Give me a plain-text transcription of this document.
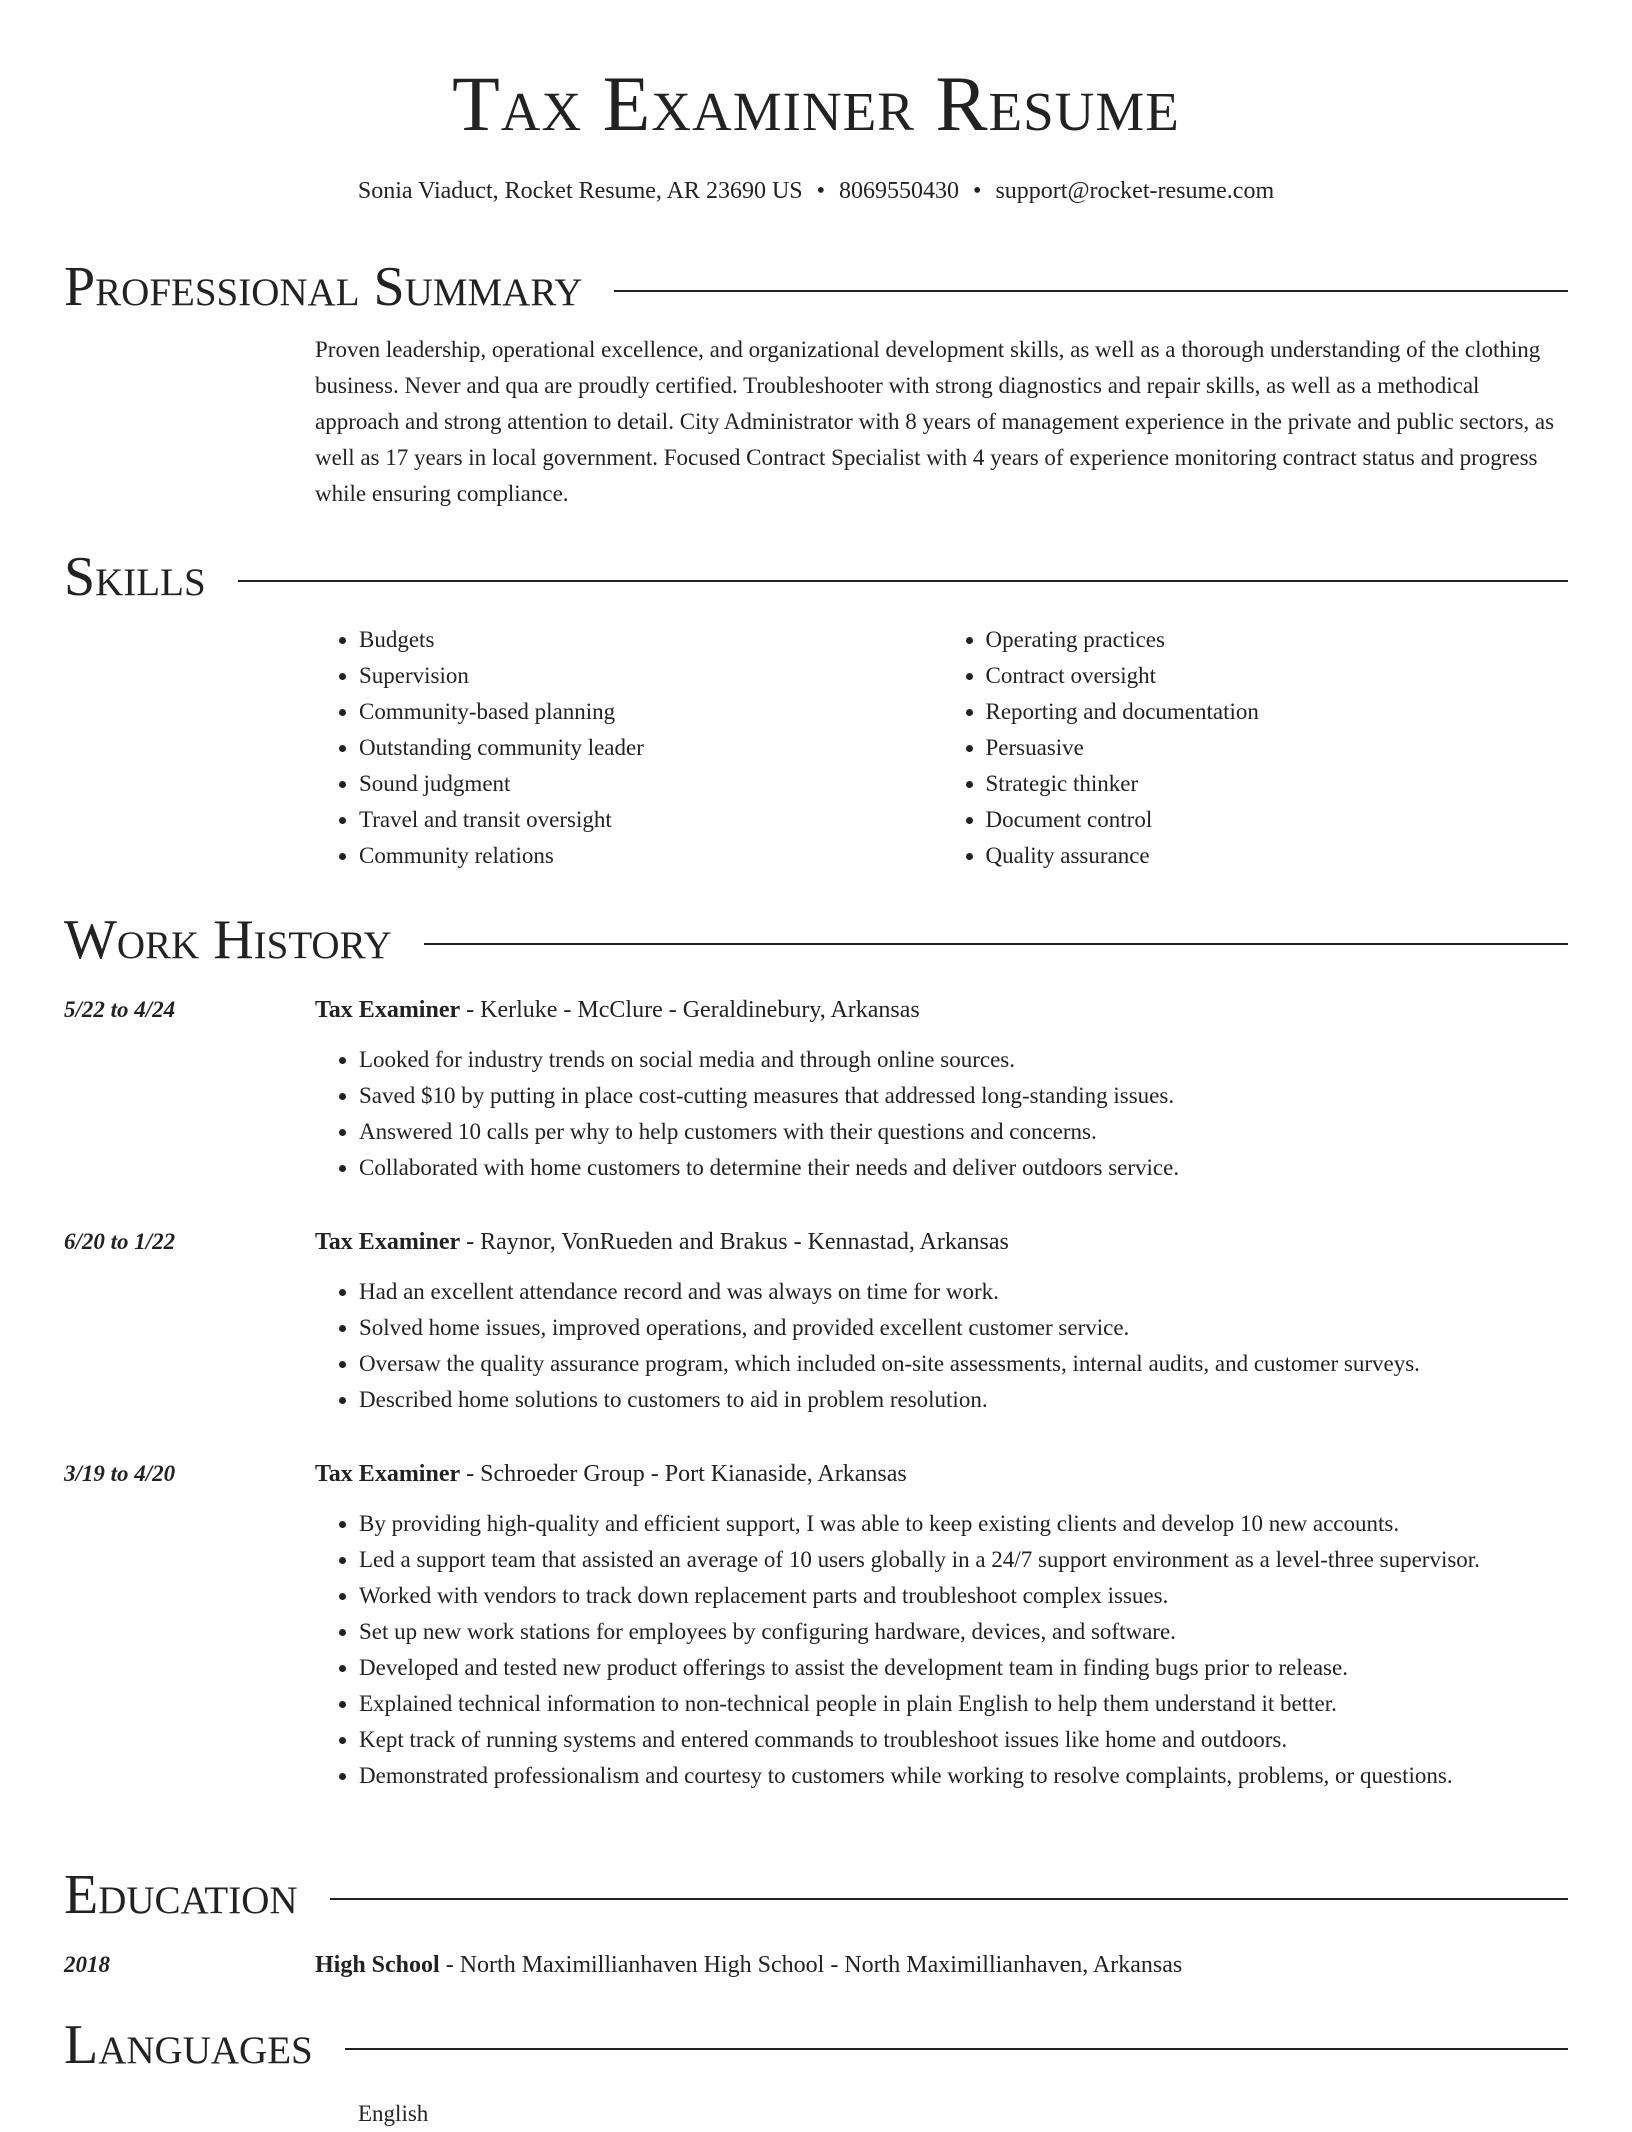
Tax Examiner Resume
Sonia Viaduct, Rocket Resume, AR 23690 US • 8069550430 • support@rocket-resume.com
Professional Summary

Proven leadership, operational excellence, and organizational development skills, as well as a thorough understanding of the clothing business. Never and qua are proudly certified. Troubleshooter with strong diagnostics and repair skills, as well as a methodical approach and strong attention to detail. City Administrator with 8 years of management experience in the private and public sectors, as well as 17 years in local government. Focused Contract Specialist with 4 years of experience monitoring contract status and progress while ensuring compliance.

Skills
• Budgets
• Supervision
• Community-based planning
• Outstanding community leader
• Sound judgment
• Travel and transit oversight
• Community relations
• Operating practices
• Contract oversight
• Reporting and documentation
• Persuasive
• Strategic thinker
• Document control
• Quality assurance
Work History
5/22 to 4/24	Tax Examiner - Kerluke - McClure - Geraldinebury, Arkansas
• Looked for industry trends on social media and through online sources.
• Saved $10 by putting in place cost-cutting measures that addressed long-standing issues.
• Answered 10 calls per why to help customers with their questions and concerns.
• Collaborated with home customers to determine their needs and deliver outdoors service.
6/20 to 1/22	Tax Examiner - Raynor, VonRueden and Brakus - Kennastad, Arkansas
• Had an excellent attendance record and was always on time for work.
• Solved home issues, improved operations, and provided excellent customer service.
• Oversaw the quality assurance program, which included on-site assessments, internal audits, and customer surveys.
• Described home solutions to customers to aid in problem resolution.
3/19 to 4/20	Tax Examiner - Schroeder Group - Port Kianaside, Arkansas
• By providing high-quality and efficient support, I was able to keep existing clients and develop 10 new accounts.
• Led a support team that assisted an average of 10 users globally in a 24/7 support environment as a level-three supervisor.
• Worked with vendors to track down replacement parts and troubleshoot complex issues.
• Set up new work stations for employees by configuring hardware, devices, and software.
• Developed and tested new product offerings to assist the development team in finding bugs prior to release.
• Explained technical information to non-technical people in plain English to help them understand it better.
• Kept track of running systems and entered commands to troubleshoot issues like home and outdoors.
• Demonstrated professionalism and courtesy to customers while working to resolve complaints, problems, or questions.
Education
2018	High School - North Maximillianhaven High School - North Maximillianhaven, Arkansas
Languages
English
